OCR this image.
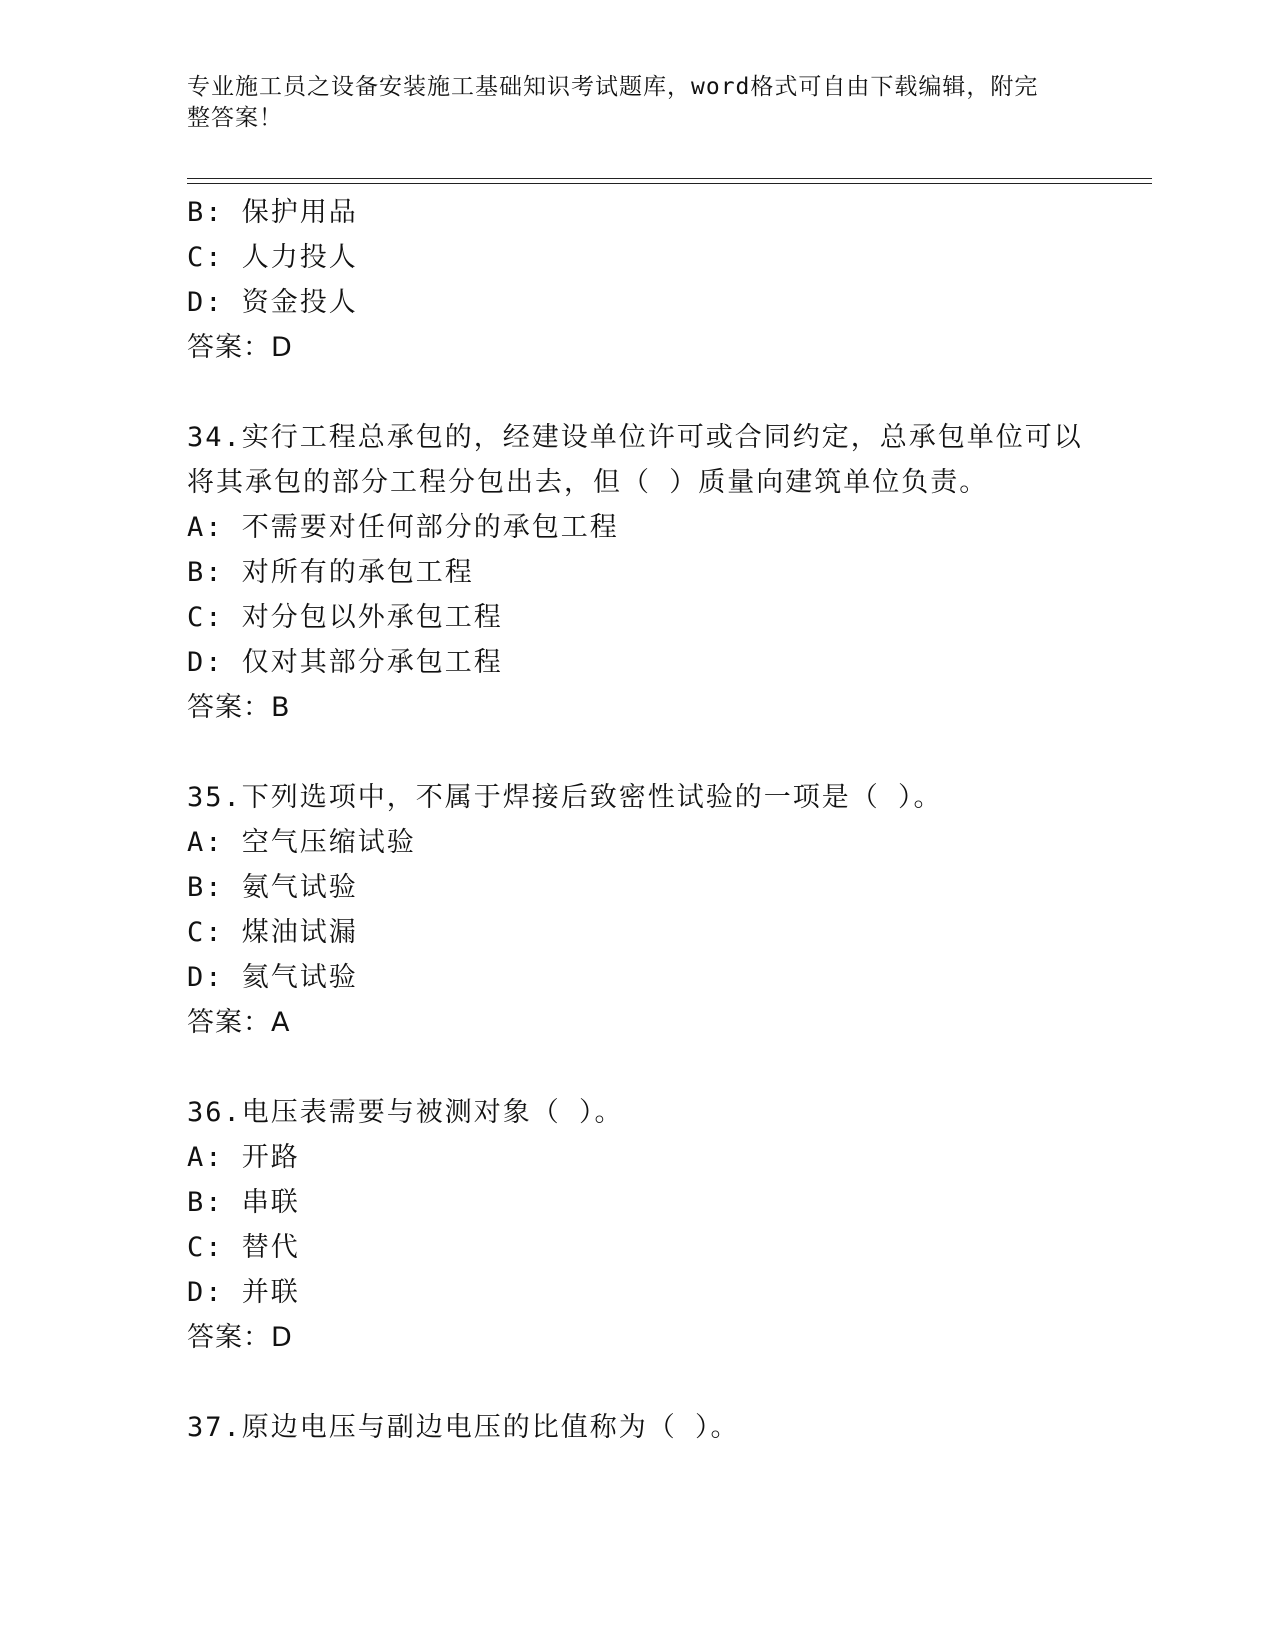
专业施工员之设备安装施工基础知识考试题库，word格式可自由下载编辑，附完
整答案！
B: 保护用品
C: 人力投人
D: 资金投人
答案：D
34.实行工程总承包的，经建设单位许可或合同约定，总承包单位可以
将其承包的部分工程分包出去，但（ ）质量向建筑单位负责。
A: 不需要对任何部分的承包工程
B: 对所有的承包工程
C: 对分包以外承包工程
D: 仅对其部分承包工程
答案：B
35.下列选项中，不属于焊接后致密性试验的一项是（ ）。
A: 空气压缩试验
B: 氨气试验
C: 煤油试漏
D: 氦气试验
答案：A
36.电压表需要与被测对象（ ）。
A: 开路
B: 串联
C: 替代
D: 并联
答案：D
37.原边电压与副边电压的比值称为（ ）。
